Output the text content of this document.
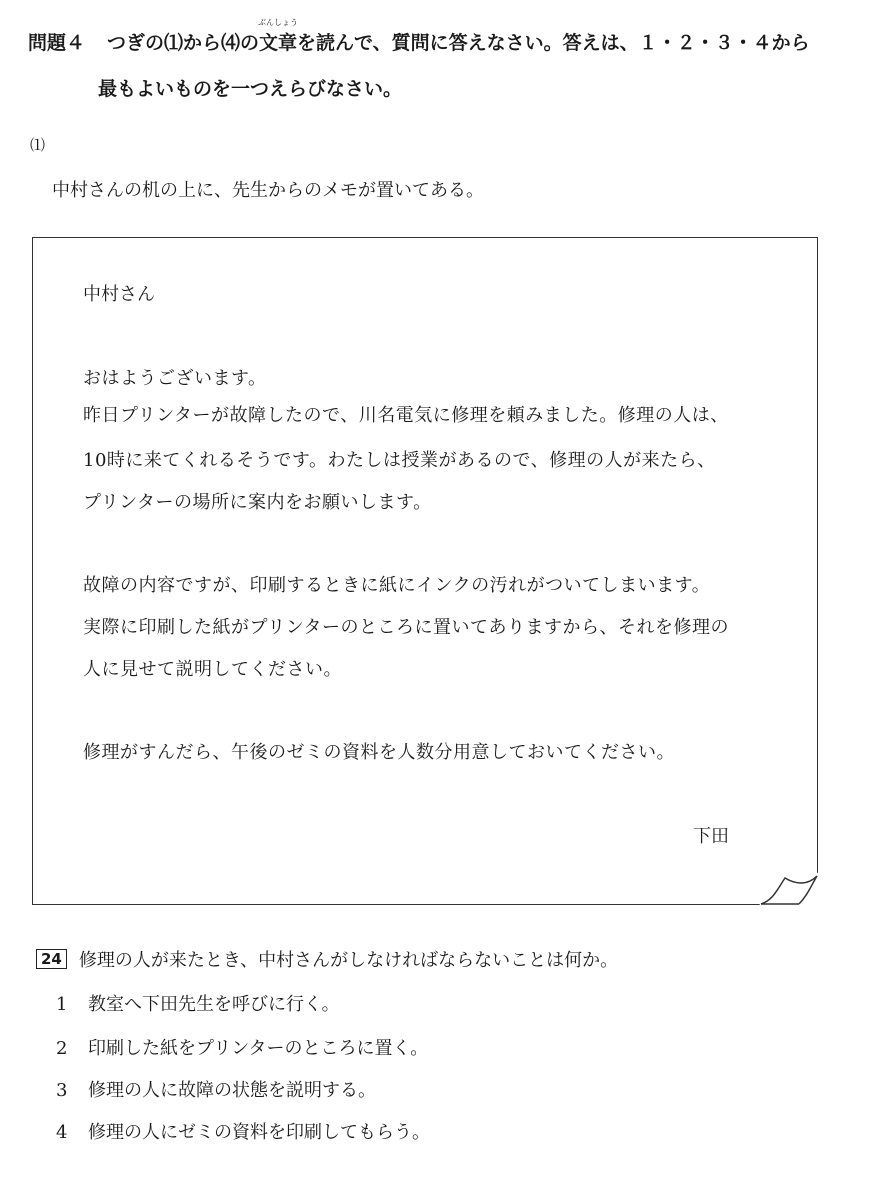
問題４ つぎの⑴から⑷の文章
ぶんしょう
を読んで、質問に答えなさい。答えは、１・２・３・４から
最もよいものを一つえらびなさい。
⑴
中村さんの机の上に、先生からのメモが置いてある。
中村さん
おはようございます。
昨日プリンターが故障したので、川名電気に修理を頼みました。修理の人は、
10時に来てくれるそうです。わたしは授業があるので、修理の人が来たら、
プリンターの場所に案内をお願いします。
故障の内容ですが、印刷するときに紙にインクの汚れがついてしまいます。
実際に印刷した紙がプリンターのところに置いてありますから、それを修理の
人に見せて説明してください。
修理がすんだら、午後のゼミの資料を人数分用意しておいてください。
下田
24 修理の人が来たとき、中村さんがしなければならないことは何か。
1 教室へ下田先生を呼びに行く。
2 印刷した紙をプリンターのところに置く。
3 修理の人に故障の状態を説明する。
4 修理の人にゼミの資料を印刷してもらう。
